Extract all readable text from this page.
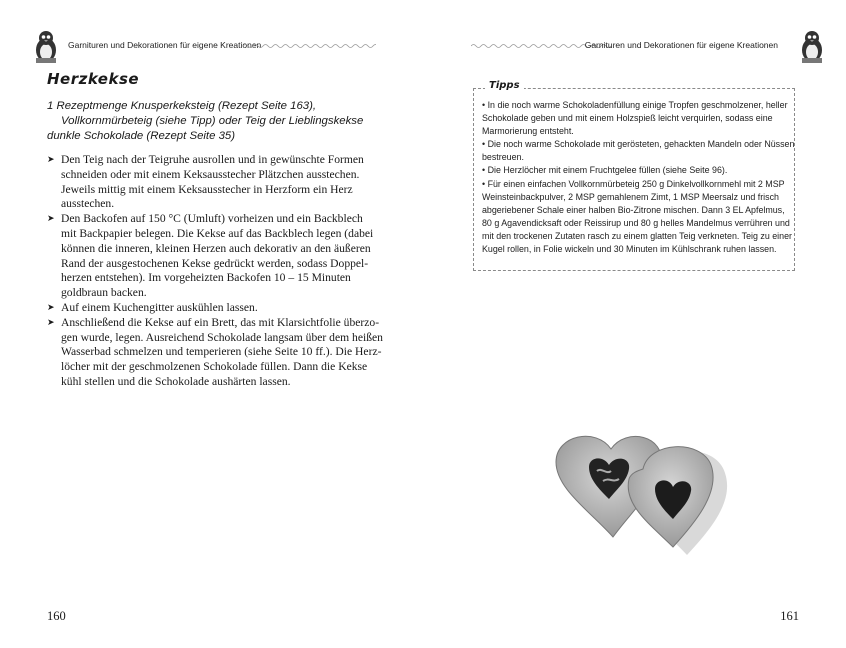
Garnituren und Dekorationen für eigene Kreationen
Herzkekse
1 Rezeptmenge Knusperkeksteig (Rezept Seite 163),
Vollkornmürbeteig (siehe Tipp) oder Teig der Lieblingskekse
dunkle Schokolade (Rezept Seite 35)
➤ Den Teig nach der Teigruhe ausrollen und in gewünschte Formen
schneiden oder mit einem Keksausstecher Plätzchen ausstechen.
Jeweils mittig mit einem Keksausstecher in Herzform ein Herz
ausstechen.
➤ Den Backofen auf 150 °C (Umluft) vorheizen und ein Backblech
mit Backpapier belegen. Die Kekse auf das Backblech legen (dabei
können die inneren, kleinen Herzen auch dekorativ an den äußeren
Rand der ausgestochenen Kekse gedrückt werden, sodass Doppel-
herzen entstehen). Im vorgeheizten Backofen 10 – 15 Minuten
goldbraun backen.
➤ Auf einem Kuchengitter auskühlen lassen.
➤ Anschließend die Kekse auf ein Brett, das mit Klarsichtfolie überzo-
gen wurde, legen. Ausreichend Schokolade langsam über dem heißen
Wasserbad schmelzen und temperieren (siehe Seite 10 ff.). Die Herz-
löcher mit der geschmolzenen Schokolade füllen. Dann die Kekse
kühl stellen und die Schokolade aushärten lassen.
160
Garnituren und Dekorationen für eigene Kreationen
Tipps
• In die noch warme Schokoladenfüllung einige Tropfen geschmolzener, heller
Schokolade geben und mit einem Holzspieß leicht verquirlen, sodass eine
Marmorierung entsteht.
• Die noch warme Schokolade mit gerösteten, gehackten Mandeln oder Nüssen
bestreuen.
• Die Herzlöcher mit einem Fruchtgelee füllen (siehe Seite 96).
• Für einen einfachen Vollkornmürbeteig 250 g Dinkelvollkornmehl mit 2 MSP
Weinsteinbackpulver, 2 MSP gemahlenem Zimt, 1 MSP Meersalz und frisch
abgeriebener Schale einer halben Bio-Zitrone mischen. Dann 3 EL Apfelmus,
80 g Agavendicksaft oder Reissirup und 80 g helles Mandelmus verrühren und
mit den trockenen Zutaten rasch zu einem glatten Teig verkneten. Teig zu einer
Kugel rollen, in Folie wickeln und 30 Minuten im Kühlschrank ruhen lassen.
161
